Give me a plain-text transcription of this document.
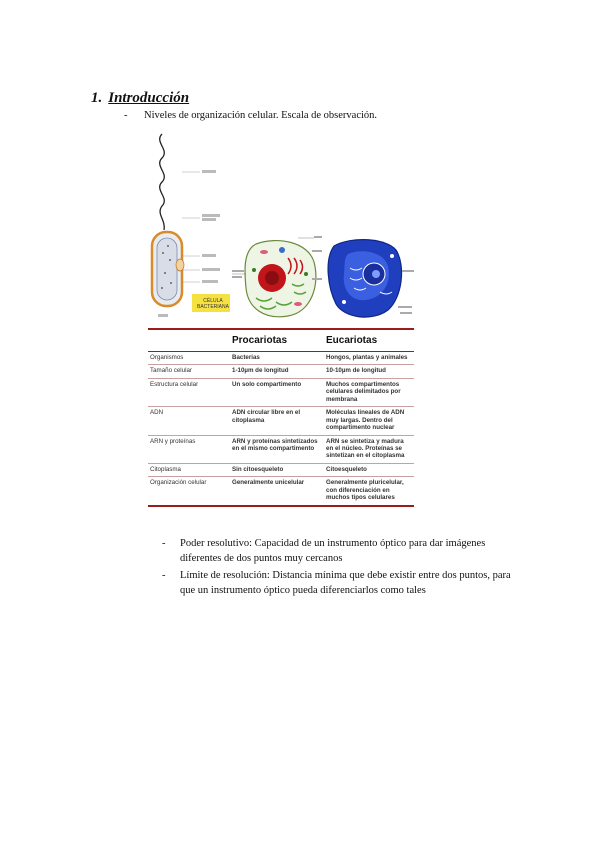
1. Introducción
-	Niveles de organización celular. Escala de observación.
CÉLULA
BACTERIANA
	Procariotas	Eucariotas
Organismos	Bacterias	Hongos, plantas y animales
Tamaño celular	1-10µm de longitud	10-10µm de longitud
Estructura celular	Un solo compartimento	Muchos compartimentos celulares delimitados por membrana
ADN	ADN circular libre en el citoplasma	Moléculas lineales de ADN muy largas. Dentro del compartimento nuclear
ARN y proteínas	ARN y proteínas sintetizados en el mismo compartimento	ARN se sintetiza y madura en el núcleo. Proteínas se sintetizan en el citoplasma
Citoplasma	Sin citoesqueleto	Citoesqueleto
Organización celular	Generalmente unicelular	Generalmente pluricelular, con diferenciación en muchos tipos celulares
-	Poder resolutivo: Capacidad de un instrumento óptico para dar imágenes diferentes de dos puntos muy cercanos
-	Límite de resolución: Distancia mínima que debe existir entre dos puntos, para que un instrumento óptico pueda diferenciarlos como tales
